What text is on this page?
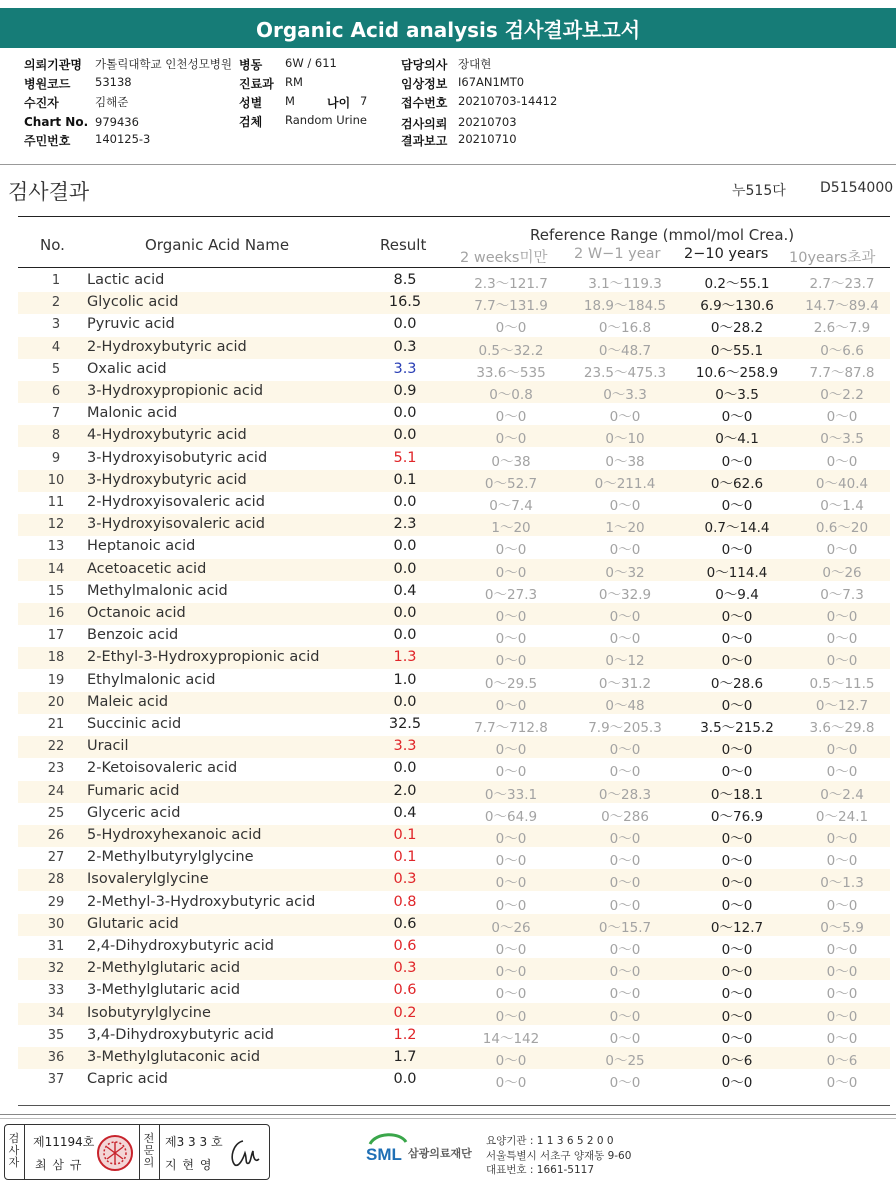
Organic Acid analysis 검사결과보고서
의뢰기관명 가톨릭대학교 인천성모병원
병원코드 53138
수진자	김해준
Chart No. 979436
주민번호 140125-3
병동 6W / 611
진료과 RM
성별 M	나이 7
검체 Random Urine
담당의사 장대현
임상정보 I67AN1MT0
접수번호 20210703-14412
검사의뢰 20210703
결과보고 20210710
검사결과	누515다 D5154000
No.	Organic Acid Name	Result
Reference Range (mmol/mol Crea.)
2 weeks미만 2 W−1 year 2−10 years 10years초과
1	Lactic acid	8.5	2.3～121.7	3.1～119.3	0.2～55.1	2.7～23.7
2	Glycolic acid	16.5	7.7～131.9	18.9～184.5	6.9～130.6	14.7～89.4
3	Pyruvic acid	0.0	0～0	0～16.8	0～28.2	2.6～7.9
4	2-Hydroxybutyric acid	0.3	0.5～32.2	0～48.7	0～55.1	0～6.6
5	Oxalic acid	3.3	33.6～535	23.5～475.3	10.6～258.9	7.7～87.8
6	3-Hydroxypropionic acid	0.9	0～0.8	0～3.3	0～3.5	0～2.2
7	Malonic acid	0.0	0～0	0～0	0～0	0～0
8	4-Hydroxybutyric acid	0.0	0～0	0～10	0～4.1	0～3.5
9	3-Hydroxyisobutyric acid	5.1	0～38	0～38	0～0	0～0
10	3-Hydroxybutyric acid	0.1	0～52.7	0～211.4	0～62.6	0～40.4
11	2-Hydroxyisovaleric acid	0.0	0～7.4	0～0	0～0	0～1.4
12	3-Hydroxyisovaleric acid	2.3	1～20	1～20	0.7～14.4	0.6～20
13	Heptanoic acid	0.0	0～0	0～0	0～0	0～0
14	Acetoacetic acid	0.0	0～0	0～32	0～114.4	0～26
15	Methylmalonic acid	0.4	0～27.3	0～32.9	0～9.4	0～7.3
16	Octanoic acid	0.0	0～0	0～0	0～0	0～0
17	Benzoic acid	0.0	0～0	0～0	0～0	0～0
18	2-Ethyl-3-Hydroxypropionic acid	1.3	0～0	0～12	0～0	0～0
19	Ethylmalonic acid	1.0	0～29.5	0～31.2	0～28.6	0.5～11.5
20	Maleic acid	0.0	0～0	0～48	0～0	0～12.7
21	Succinic acid	32.5	7.7～712.8	7.9～205.3	3.5～215.2	3.6～29.8
22	Uracil	3.3	0～0	0～0	0～0	0～0
23	2-Ketoisovaleric acid	0.0	0～0	0～0	0～0	0～0
24	Fumaric acid	2.0	0～33.1	0～28.3	0～18.1	0～2.4
25	Glyceric acid	0.4	0～64.9	0～286	0～76.9	0～24.1
26	5-Hydroxyhexanoic acid	0.1	0～0	0～0	0～0	0～0
27	2-Methylbutyrylglycine	0.1	0～0	0～0	0～0	0～0
28	Isovalerylglycine	0.3	0～0	0～0	0～0	0～1.3
29	2-Methyl-3-Hydroxybutyric acid	0.8	0～0	0～0	0～0	0～0
30	Glutaric acid	0.6	0～26	0～15.7	0～12.7	0～5.9
31	2,4-Dihydroxybutyric acid	0.6	0～0	0～0	0～0	0～0
32	2-Methylglutaric acid	0.3	0～0	0～0	0～0	0～0
33	3-Methylglutaric acid	0.6	0～0	0～0	0～0	0～0
34	Isobutyrylglycine	0.2	0～0	0～0	0～0	0～0
35	3,4-Dihydroxybutyric acid	1.2	14～142	0～0	0～0	0～0
36	3-Methylglutaconic acid	1.7	0～0	0～25	0～6	0～6
37	Capric acid	0.0	0～0	0～0	0～0	0～0
검사자
제11194호
최 삼 규
전문의
제3 3 3 호
지 현 영
SML 삼광의료재단
요양기관 : 1 1 3 6 5 2 0 0
서울특별시 서초구 양재동 9-60
대표번호 : 1661-5117
